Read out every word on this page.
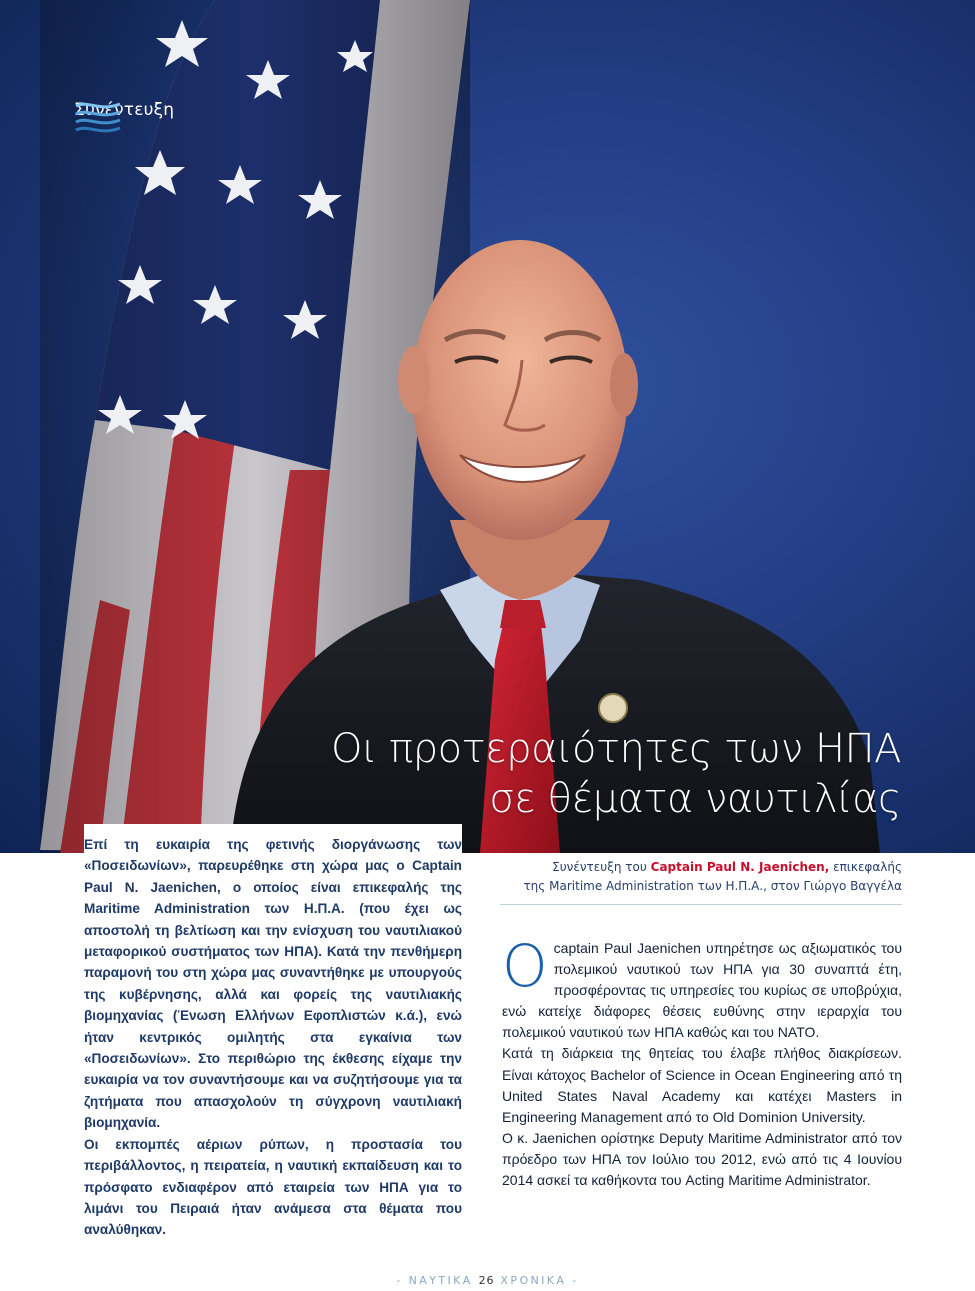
Συνέντευξη
Οι προτεραιότητες των ΗΠΑ
σε θέματα ναυτιλίας

Επί τη ευκαιρία της φετινής διοργάνωσης των «Ποσειδωνίων», παρευρέθηκε στη χώρα μας ο Captain Paul N. Jaenichen, ο οποίος είναι επικεφαλής της Maritime Administration των Η.Π.Α. (που έχει ως αποστολή τη βελτίωση και την ενίσχυση του ναυτιλιακού μεταφορικού συστήματος των ΗΠΑ). Κατά την πενθήμερη παραμονή του στη χώρα μας συναντήθηκε με υπουργούς της κυβέρνησης, αλλά και φορείς της ναυτιλιακής βιομηχανίας (Ένωση Ελλήνων Εφοπλιστών κ.ά.), ενώ ήταν κεντρικός ομιλητής στα εγκαίνια των «Ποσειδωνίων». Στο περιθώριο της έκθεσης είχαμε την ευκαιρία να τον συναντήσουμε και να συζητήσουμε για τα ζητήματα που απασχολούν τη σύγχρονη ναυτιλιακή βιομηχανία.

Οι εκπομπές αέριων ρύπων, η προστασία του περιβάλλοντος, η πειρατεία, η ναυτική εκπαίδευση και το πρόσφατο ενδιαφέρον από εταιρεία των ΗΠΑ για το λιμάνι του Πειραιά ήταν ανάμεσα στα θέματα που αναλύθηκαν.

Συνέντευξη του Captain Paul N. Jaenichen, επικεφαλής
της Maritime Administration των Η.Π.Α., στον Γιώργο Βαγγέλα

Ο captain Paul Jaenichen υπηρέτησε ως αξιωματικός του πολεμικού ναυτικού των ΗΠΑ για 30 συναπτά έτη, προσφέροντας τις υπηρεσίες του κυρίως σε υποβρύχια, ενώ κατείχε διάφορες θέσεις ευθύνης στην ιεραρχία του πολεμικού ναυτικού των ΗΠΑ καθώς και του NATO.

Κατά τη διάρκεια της θητείας του έλαβε πλήθος διακρίσεων. Είναι κάτοχος Bachelor of Science in Ocean Engineering από τη United States Naval Academy και κατέχει Masters in Engineering Management από το Old Dominion University.

Ο κ. Jaenichen ορίστηκε Deputy Maritime Administrator από τον πρόεδρο των ΗΠΑ τον Ιούλιο του 2012, ενώ από τις 4 Ιουνίου 2014 ασκεί τα καθήκοντα του Acting Maritime Administrator.

- ΝΑΥΤΙΚΑ 26 ΧΡΟΝΙΚΑ -
